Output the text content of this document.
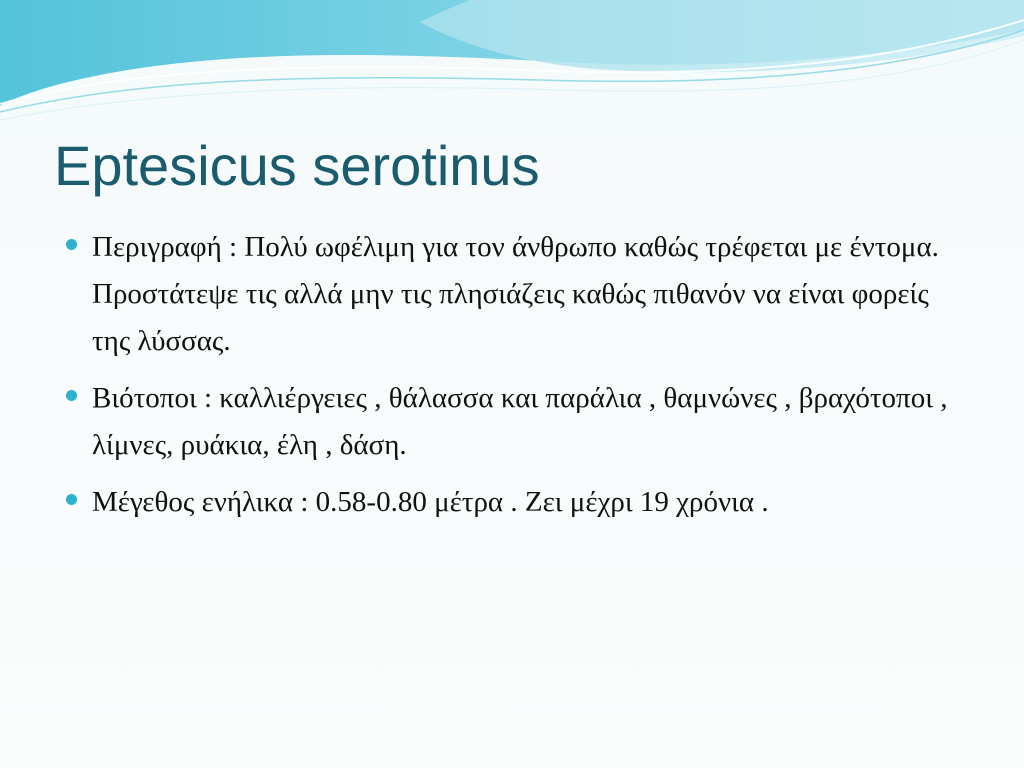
Eptesicus serotinus
Περιγραφή : Πολύ ωφέλιμη για τον άνθρωπο καθώς τρέφεται με έντομα. Προστάτεψε τις αλλά μην τις πλησιάζεις καθώς πιθανόν να είναι φορείς της λύσσας.
Βιότοποι : καλλιέργειες , θάλασσα και παράλια , θαμνώνες , βραχότοποι , λίμνες, ρυάκια, έλη , δάση.
Μέγεθος ενήλικα : 0.58-0.80 μέτρα . Ζει μέχρι 19 χρόνια .
